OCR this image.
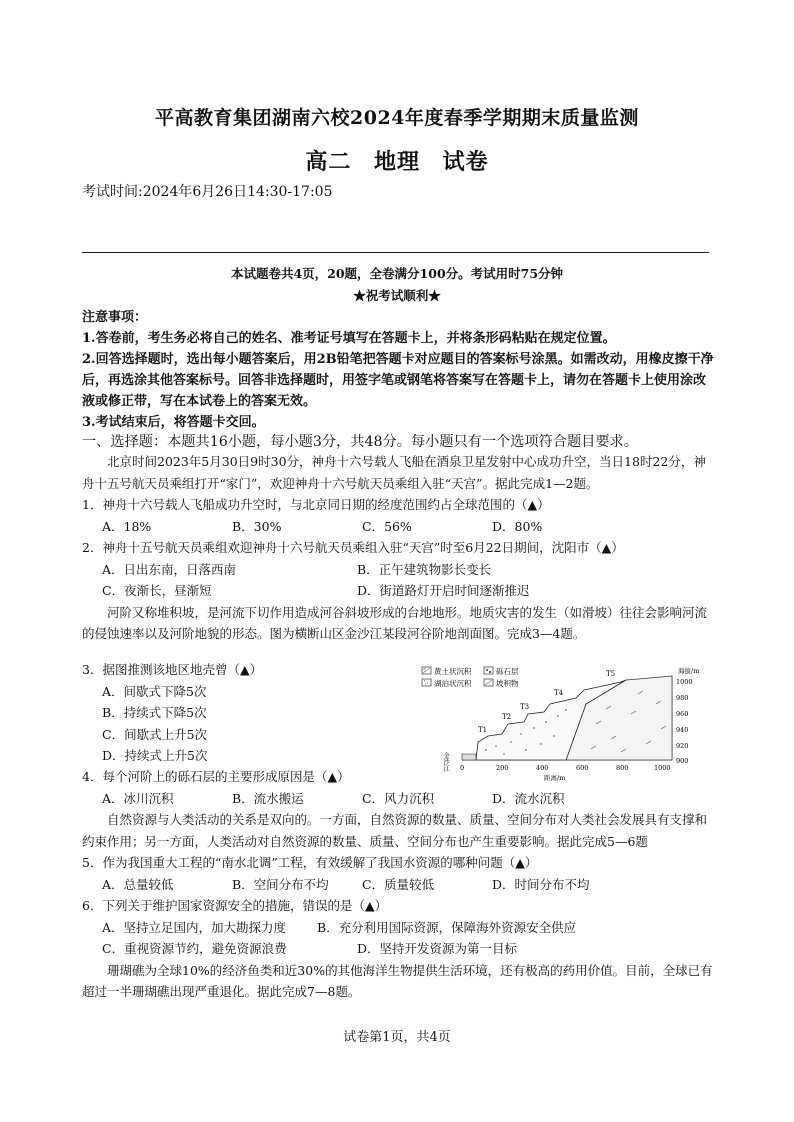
平高教育集团湖南六校2024年度春季学期期末质量监测
高二 地理 试卷
考试时间:2024年6月26日14:30-17:05
本试题卷共4页，20题，全卷满分100分。考试用时75分钟
★祝考试顺利★

注意事项：

1.答卷前，考生务必将自己的姓名、准考证号填写在答题卡上，并将条形码粘贴在规定位置。

2.回答选择题时，选出每小题答案后，用2B铅笔把答题卡对应题目的答案标号涂黑。如需改动，用橡皮擦干净后，再选涂其他答案标号。回答非选择题时，用签字笔或钢笔将答案写在答题卡上，请勿在答题卡上使用涂改液或修正带，写在本试卷上的答案无效。

3.考试结束后，将答题卡交回。

一、选择题：本题共16小题，每小题3分，共48分。每小题只有一个选项符合题目要求。

北京时间2023年5月30日9时30分，神舟十六号载人飞船在酒泉卫星发射中心成功升空，当日18时22分，神舟十五号航天员乘组打开“家门”，欢迎神舟十六号航天员乘组入驻“天宫”。据此完成1—2题。

1．神舟十六号载人飞船成功升空时，与北京同日期的经度范围约占全球范围的（▲）
A．18%	B．30%	C．56%	D．80%
2．神舟十五号航天员乘组欢迎神舟十六号航天员乘组入驻“天宫”时至6月22日期间，沈阳市（▲）
A．日出东南，日落西南	B．正午建筑物影长变长
C．夜渐长，昼渐短	D．街道路灯开启时间逐渐推迟

河阶又称堆积坡，是河流下切作用造成河谷斜坡形成的台地地形。地质灾害的发生（如滑坡）往往会影响河流的侵蚀速率以及河阶地貌的形态。图为横断山区金沙江某段河谷阶地剖面图。完成3—4题。

3．据图推测该地区地壳曾（▲）
A．间歇式下降5次
B．持续式下降5次
C．间歇式上升5次
D．持续式上升5次
黄土状沉积
湖泊状沉积
砾石层
坡积物
T1
T2
T3
T4
T5
金沙江
海拔/m
1000
980
960
940
920
900
0	200	400	600	800	1000
距离/m
4．每个河阶上的砾石层的主要形成原因是（▲）
A．冰川沉积	B．流水搬运	C．风力沉积	D．流水沉积

自然资源与人类活动的关系是双向的。一方面，自然资源的数量、质量、空间分布对人类社会发展具有支撑和约束作用；另一方面，人类活动对自然资源的数量、质量、空间分布也产生重要影响。据此完成5—6题

5．作为我国重大工程的“南水北调”工程，有效缓解了我国水资源的哪种问题（▲）
A．总量较低	B．空间分布不均	C．质量较低	D．时间分布不均
6．下列关于维护国家资源安全的措施，错误的是（▲）
A．坚持立足国内，加大勘探力度	B．充分利用国际资源，保障海外资源安全供应
C．重视资源节约，避免资源浪费	D．坚持开发资源为第一目标

珊瑚礁为全球10%的经济鱼类和近30%的其他海洋生物提供生活环境，还有极高的药用价值。目前，全球已有超过一半珊瑚礁出现严重退化。据此完成7—8题。

试卷第1页，共4页
